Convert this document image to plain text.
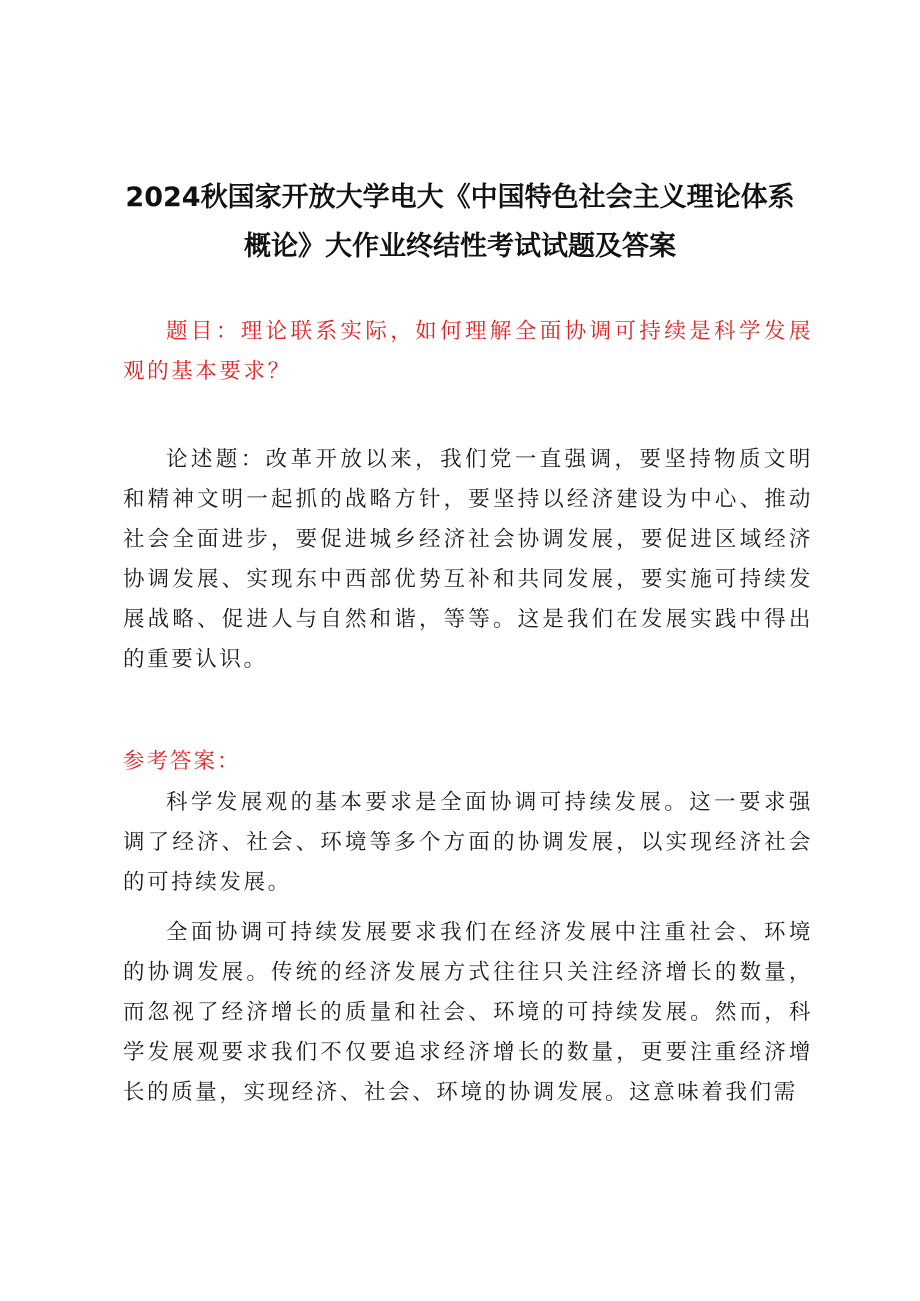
2024秋国家开放大学电大《中国特色社会主义理论体系
概论》大作业终结性考试试题及答案
题目：理论联系实际，如何理解全面协调可持续是科学发展观的基本要求？
论述题：改革开放以来，我们党一直强调，要坚持物质文明和精神文明一起抓的战略方针，要坚持以经济建设为中心、推动社会全面进步，要促进城乡经济社会协调发展，要促进区域经济协调发展、实现东中西部优势互补和共同发展，要实施可持续发展战略、促进人与自然和谐，等等。这是我们在发展实践中得出的重要认识。
参考答案：
科学发展观的基本要求是全面协调可持续发展。这一要求强调了经济、社会、环境等多个方面的协调发展，以实现经济社会的可持续发展。
全面协调可持续发展要求我们在经济发展中注重社会、环境的协调发展。传统的经济发展方式往往只关注经济增长的数量，而忽视了经济增长的质量和社会、环境的可持续发展。然而，科学发展观要求我们不仅要追求经济增长的数量，更要注重经济增长的质量，实现经济、社会、环境的协调发展。这意味着我们需
